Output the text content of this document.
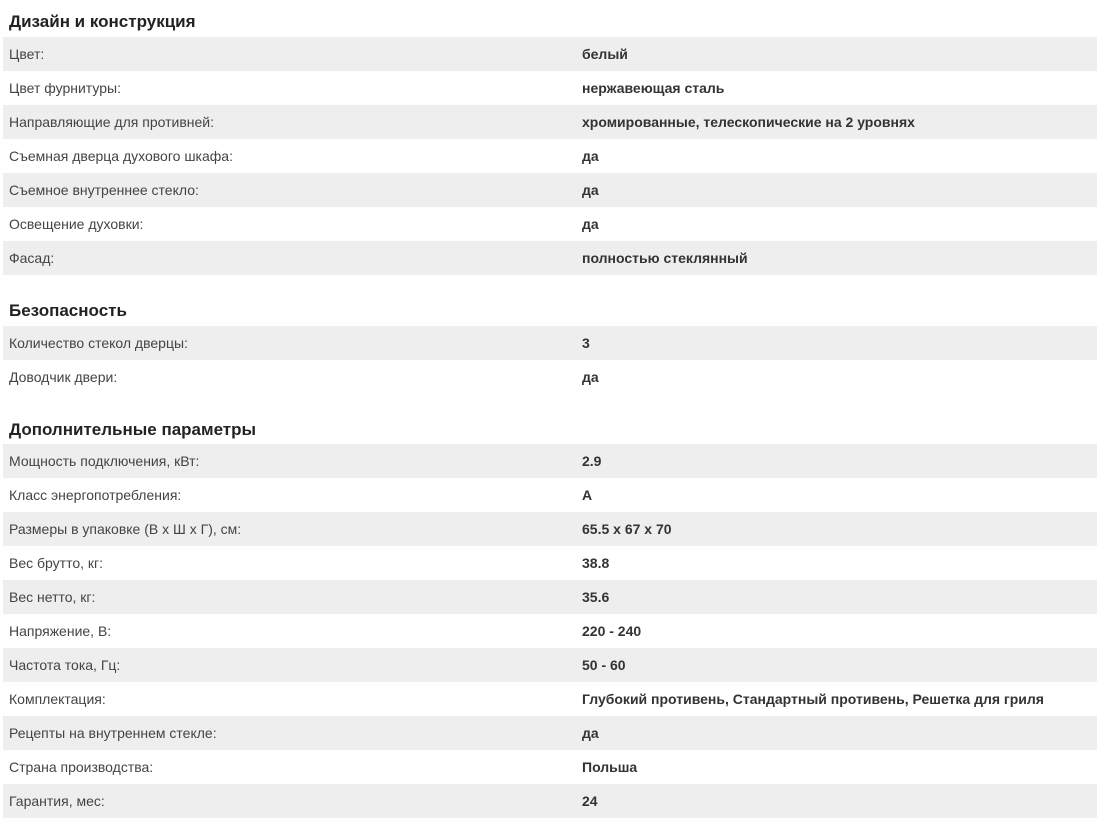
Дизайн и конструкция
Цвет:	белый
Цвет фурнитуры:	нержавеющая сталь
Направляющие для противней:	хромированные, телескопические на 2 уровнях
Съемная дверца духового шкафа:	да
Съемное внутреннее стекло:	да
Освещение духовки:	да
Фасад:	полностью стеклянный
Безопасность
Количество стекол дверцы:	3
Доводчик двери:	да
Дополнительные параметры
Мощность подключения, кВт:	2.9
Класс энергопотребления:	A
Размеры в упаковке (В х Ш х Г), см:	65.5 x 67 x 70
Вес брутто, кг:	38.8
Вес нетто, кг:	35.6
Напряжение, В:	220 - 240
Частота тока, Гц:	50 - 60
Комплектация:	Глубокий противень, Стандартный противень, Решетка для гриля
Рецепты на внутреннем стекле:	да
Страна производства:	Польша
Гарантия, мес:	24
